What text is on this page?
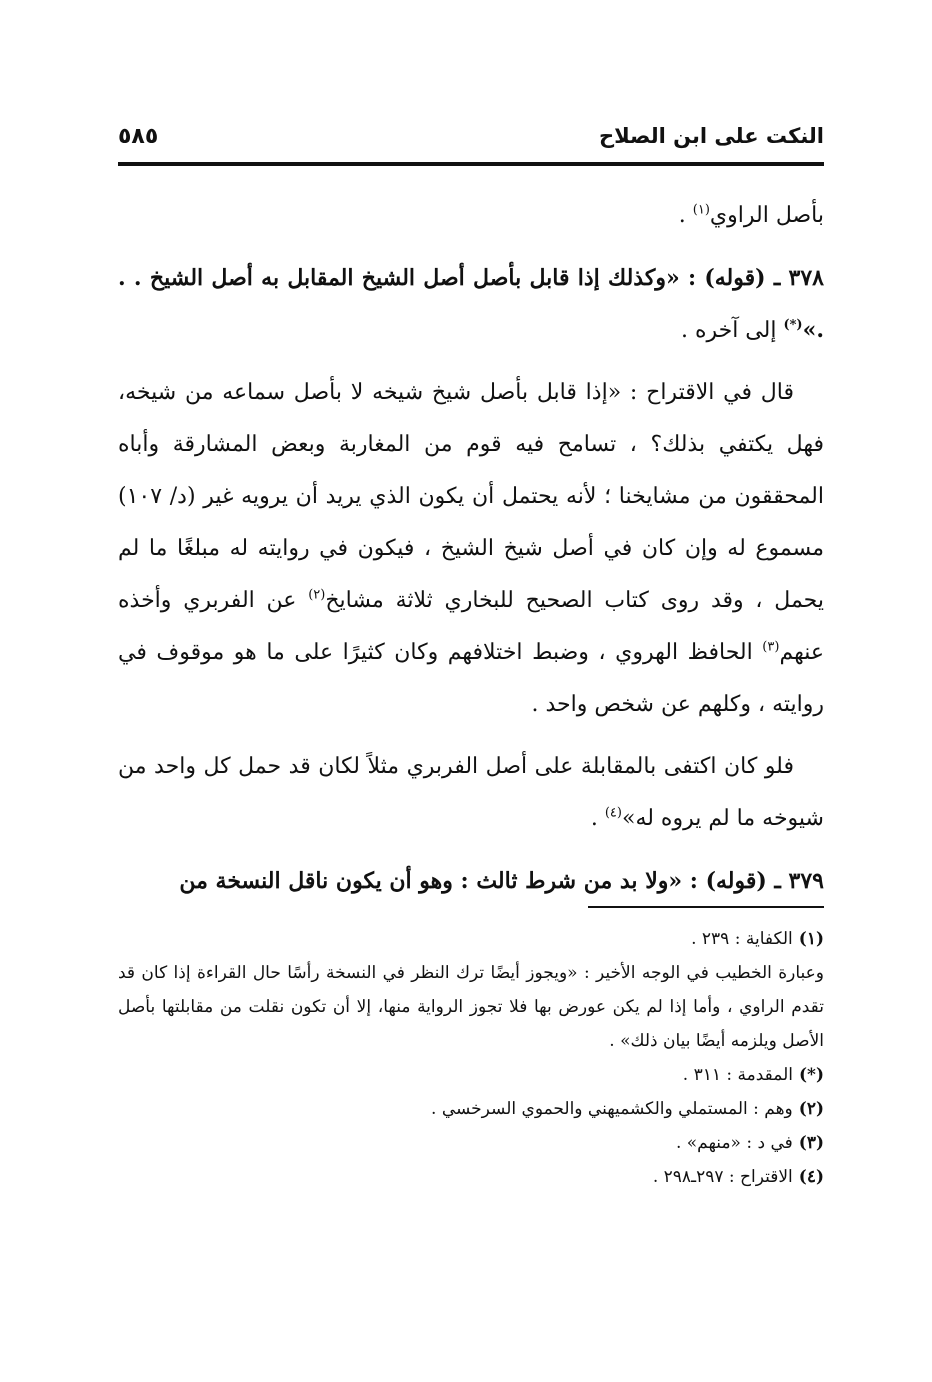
النكت على ابن الصلاح
٥٨٥

بأصل الراوي$^{(١)}$ .

٣٧٨ ـ (قوله) : «وكذلك إذا قابل بأصل أصل الشيخ المقابل به أصل الشيخ . . .»(*) إلى آخره .

قال في الاقتراح : «إذا قابل بأصل شيخ شيخه لا بأصل سماعه من شيخه، فهل يكتفي بذلك؟ ، تسامح فيه قوم من المغاربة وبعض المشارقة وأباه المحققون من مشايخنا ؛ لأنه يحتمل أن يكون الذي يريد أن يرويه غير (د/ ١٠٧) مسموع له وإن كان في أصل شيخ الشيخ ، فيكون في روايته له مبلغًا ما لم يحمل ، وقد روى كتاب الصحيح للبخاري ثلاثة مشايخ$^{(٢)}$ عن الفربري وأخذه عنهم$^{(٣)}$ الحافظ الهروي ، وضبط اختلافهم وكان كثيرًا على ما هو موقوف في روايته ، وكلهم عن شخص واحد .

فلو كان اكتفى بالمقابلة على أصل الفربري مثلاً لكان قد حمل كل واحد من شيوخه ما لم يروه له»$^{(٤)}$ .

٣٧٩ ـ (قوله) : «ولا بد من شرط ثالث : وهو أن يكون ناقل النسخة من

(١)الكفاية : ٢٣٩ .

وعبارة الخطيب في الوجه الأخير : «ويجوز أيضًا ترك النظر في النسخة رأسًا حال القراءة إذا كان قد تقدم الراوي ، وأما إذا لم يكن عورض بها فلا تجوز الرواية منها، إلا أن تكون نقلت من مقابلتها بأصل الأصل ويلزمه أيضًا بيان ذلك» .

(*)المقدمة : ٣١١ .

(٢)وهم : المستملي والكشميهني والحموي السرخسي .

(٣)في د : «منهم» .

(٤)الاقتراح : ٢٩٧ـ٢٩٨ .
